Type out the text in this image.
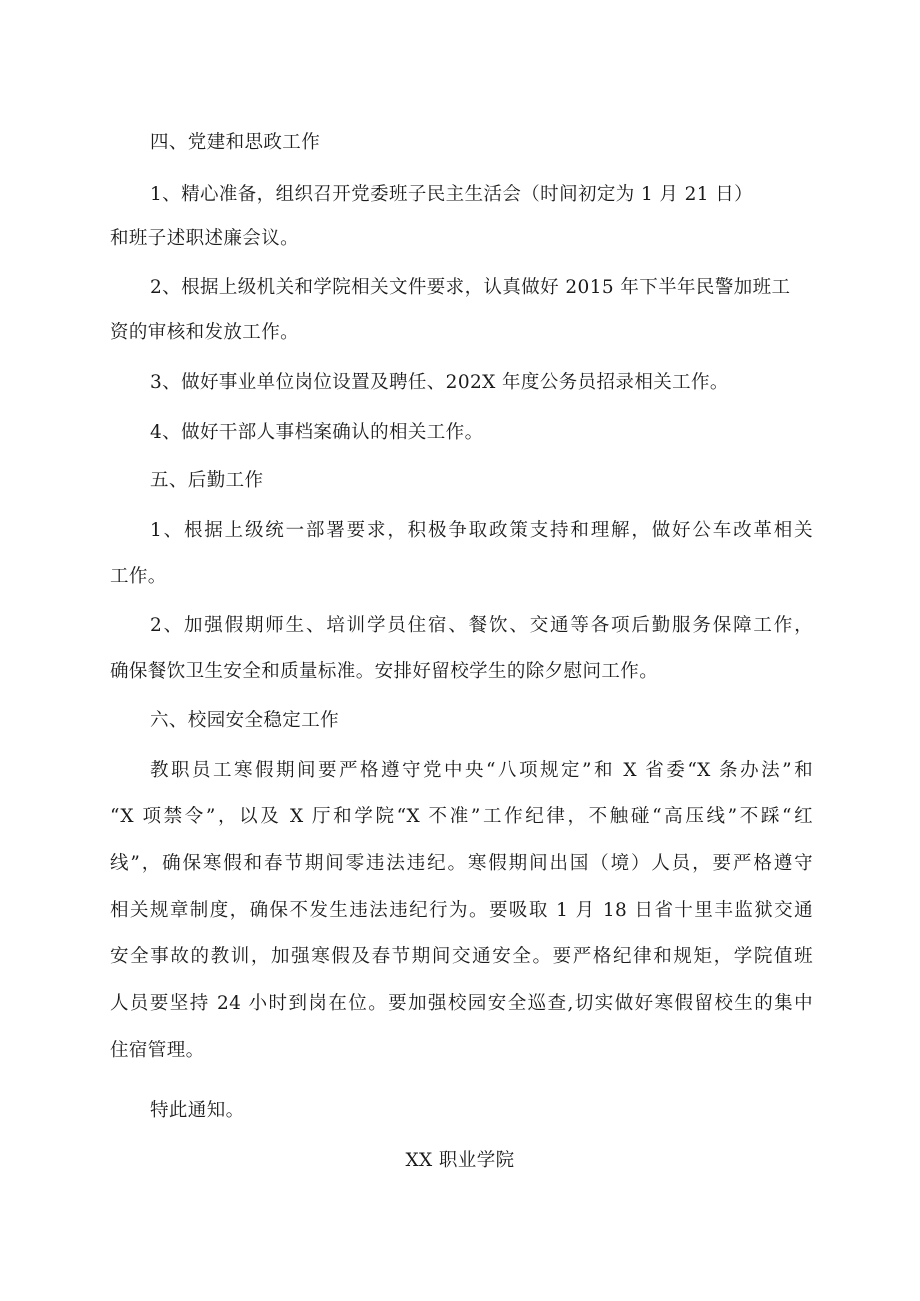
四、党建和思政工作
1、精心准备，组织召开党委班子民主生活会（时间初定为 1 月 21 日）
和班子述职述廉会议。
2、根据上级机关和学院相关文件要求，认真做好 2015 年下半年民警加班工
资的审核和发放工作。
3、做好事业单位岗位设置及聘任、202X 年度公务员招录相关工作。
4、做好干部人事档案确认的相关工作。
五、后勤工作
1、根据上级统一部署要求，积极争取政策支持和理解，做好公车改革相关
工作。
2、加强假期师生、培训学员住宿、餐饮、交通等各项后勤服务保障工作，
确保餐饮卫生安全和质量标准。安排好留校学生的除夕慰问工作。
六、校园安全稳定工作
教职员工寒假期间要严格遵守党中央“八项规定”和 X 省委“X 条办法”和
“X 项禁令”，以及 X 厅和学院“X 不准”工作纪律，不触碰“高压线”不踩“红
线”，确保寒假和春节期间零违法违纪。寒假期间出国（境）人员，要严格遵守
相关规章制度，确保不发生违法违纪行为。要吸取 1 月 18 日省十里丰监狱交通
安全事故的教训，加强寒假及春节期间交通安全。要严格纪律和规矩，学院值班
人员要坚持 24 小时到岗在位。要加强校园安全巡查,切实做好寒假留校生的集中
住宿管理。
特此通知。
XX 职业学院
